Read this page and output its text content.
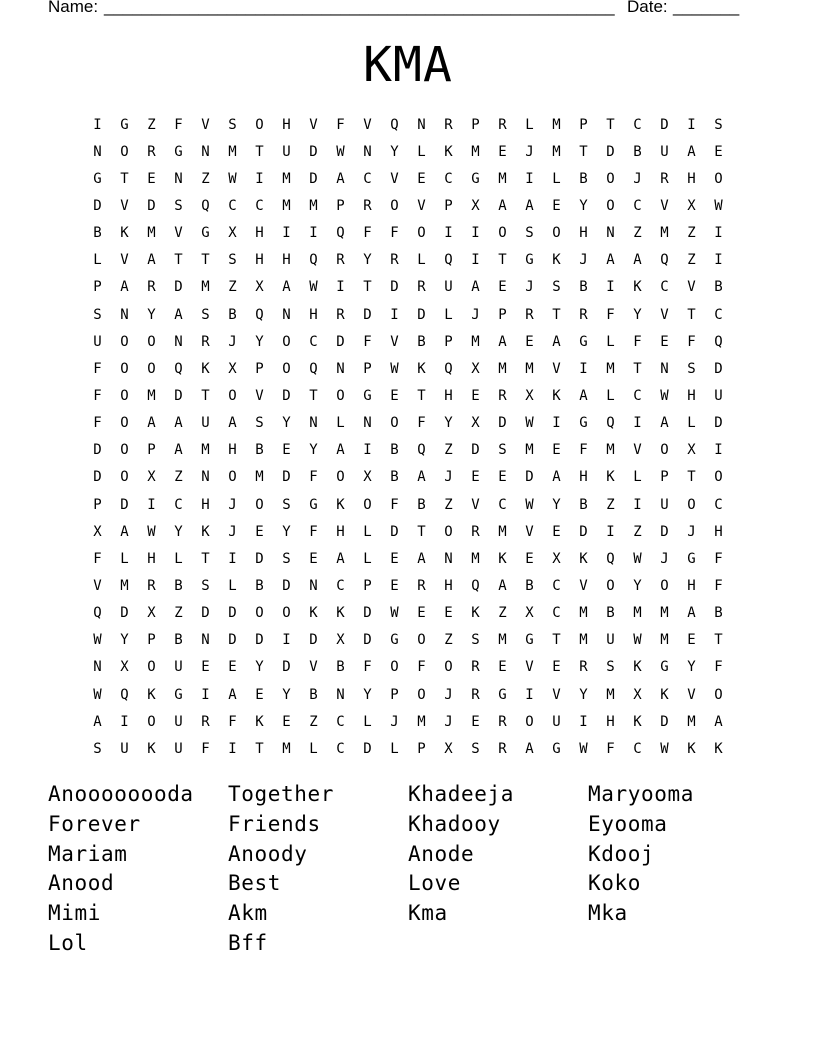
Name: ______________________________________________________ Date: _______
KMA
I	G	Z	F	V	S	O	H	V	F	V	Q	N	R	P	R	L	M	P	T	C	D	I	S
N	O	R	G	N	M	T	U	D	W	N	Y	L	K	M	E	J	M	T	D	B	U	A	E
G	T	E	N	Z	W	I	M	D	A	C	V	E	C	G	M	I	L	B	O	J	R	H	O
D	V	D	S	Q	C	C	M	M	P	R	O	V	P	X	A	A	E	Y	O	C	V	X	W
B	K	M	V	G	X	H	I	I	Q	F	F	O	I	I	O	S	O	H	N	Z	M	Z	I
L	V	A	T	T	S	H	H	Q	R	Y	R	L	Q	I	T	G	K	J	A	A	Q	Z	I
P	A	R	D	M	Z	X	A	W	I	T	D	R	U	A	E	J	S	B	I	K	C	V	B
S	N	Y	A	S	B	Q	N	H	R	D	I	D	L	J	P	R	T	R	F	Y	V	T	C
U	O	O	N	R	J	Y	O	C	D	F	V	B	P	M	A	E	A	G	L	F	E	F	Q
F	O	O	Q	K	X	P	O	Q	N	P	W	K	Q	X	M	M	V	I	M	T	N	S	D
F	O	M	D	T	O	V	D	T	O	G	E	T	H	E	R	X	K	A	L	C	W	H	U
F	O	A	A	U	A	S	Y	N	L	N	O	F	Y	X	D	W	I	G	Q	I	A	L	D
D	O	P	A	M	H	B	E	Y	A	I	B	Q	Z	D	S	M	E	F	M	V	O	X	I
D	O	X	Z	N	O	M	D	F	O	X	B	A	J	E	E	D	A	H	K	L	P	T	O
P	D	I	C	H	J	O	S	G	K	O	F	B	Z	V	C	W	Y	B	Z	I	U	O	C
X	A	W	Y	K	J	E	Y	F	H	L	D	T	O	R	M	V	E	D	I	Z	D	J	H
F	L	H	L	T	I	D	S	E	A	L	E	A	N	M	K	E	X	K	Q	W	J	G	F
V	M	R	B	S	L	B	D	N	C	P	E	R	H	Q	A	B	C	V	O	Y	O	H	F
Q	D	X	Z	D	D	O	O	K	K	D	W	E	E	K	Z	X	C	M	B	M	M	A	B
W	Y	P	B	N	D	D	I	D	X	D	G	O	Z	S	M	G	T	M	U	W	M	E	T
N	X	O	U	E	E	Y	D	V	B	F	O	F	O	R	E	V	E	R	S	K	G	Y	F
W	Q	K	G	I	A	E	Y	B	N	Y	P	O	J	R	G	I	V	Y	M	X	K	V	O
A	I	O	U	R	F	K	E	Z	C	L	J	M	J	E	R	O	U	I	H	K	D	M	A
S	U	K	U	F	I	T	M	L	C	D	L	P	X	S	R	A	G	W	F	C	W	K	K
Anoooooooda	Together	Khadeeja	Maryooma
Forever	Friends	Khadooy	Eyooma
Mariam	Anoody	Anode	Kdooj
Anood	Best	Love	Koko
Mimi	Akm	Kma	Mka
Lol	Bff
